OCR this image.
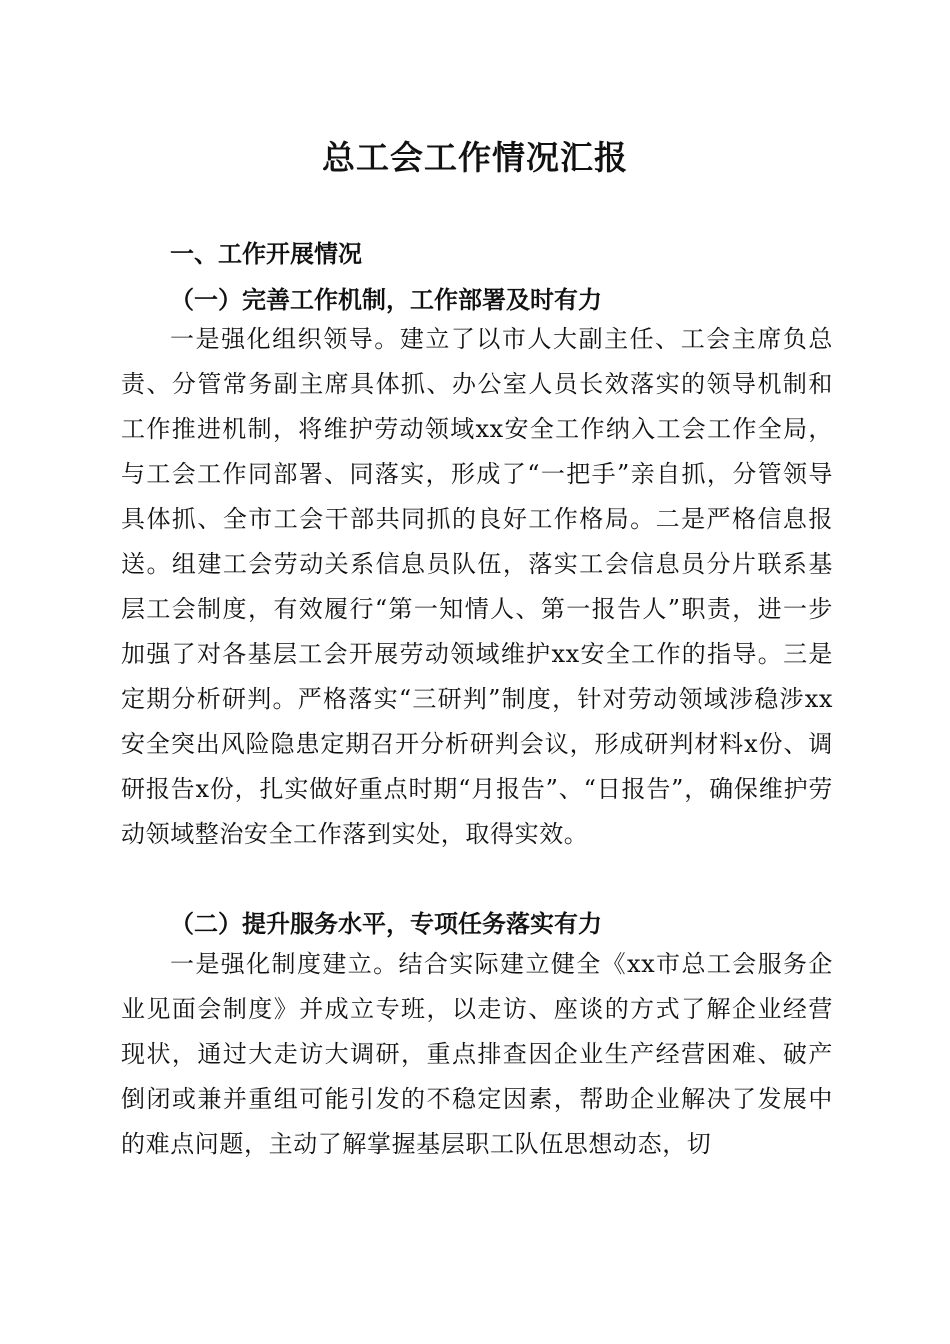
总工会工作情况汇报
一、工作开展情况
（一）完善工作机制，工作部署及时有力

一是强化组织领导。建立了以市人大副主任、工会主席负总责、分管常务副主席具体抓、办公室人员长效落实的领导机制和工作推进机制，将维护劳动领域xx安全工作纳入工会工作全局，与工会工作同部署、同落实，形成了“一把手”亲自抓，分管领导具体抓、全市工会干部共同抓的良好工作格局。二是严格信息报送。组建工会劳动关系信息员队伍，落实工会信息员分片联系基层工会制度，有效履行“第一知情人、第一报告人”职责，进一步加强了对各基层工会开展劳动领域维护xx安全工作的指导。三是定期分析研判。严格落实“三研判”制度，针对劳动领域涉稳涉xx安全突出风险隐患定期召开分析研判会议，形成研判材料x份、调研报告x份，扎实做好重点时期“月报告”、“日报告”，确保维护劳动领域整治安全工作落到实处，取得实效。

（二）提升服务水平，专项任务落实有力

一是强化制度建立。结合实际建立健全《xx市总工会服务企业见面会制度》并成立专班，以走访、座谈的方式了解企业经营现状，通过大走访大调研，重点排查因企业生产经营困难、破产倒闭或兼并重组可能引发的不稳定因素，帮助企业解决了发展中的难点问题，主动了解掌握基层职工队伍思想动态，切
